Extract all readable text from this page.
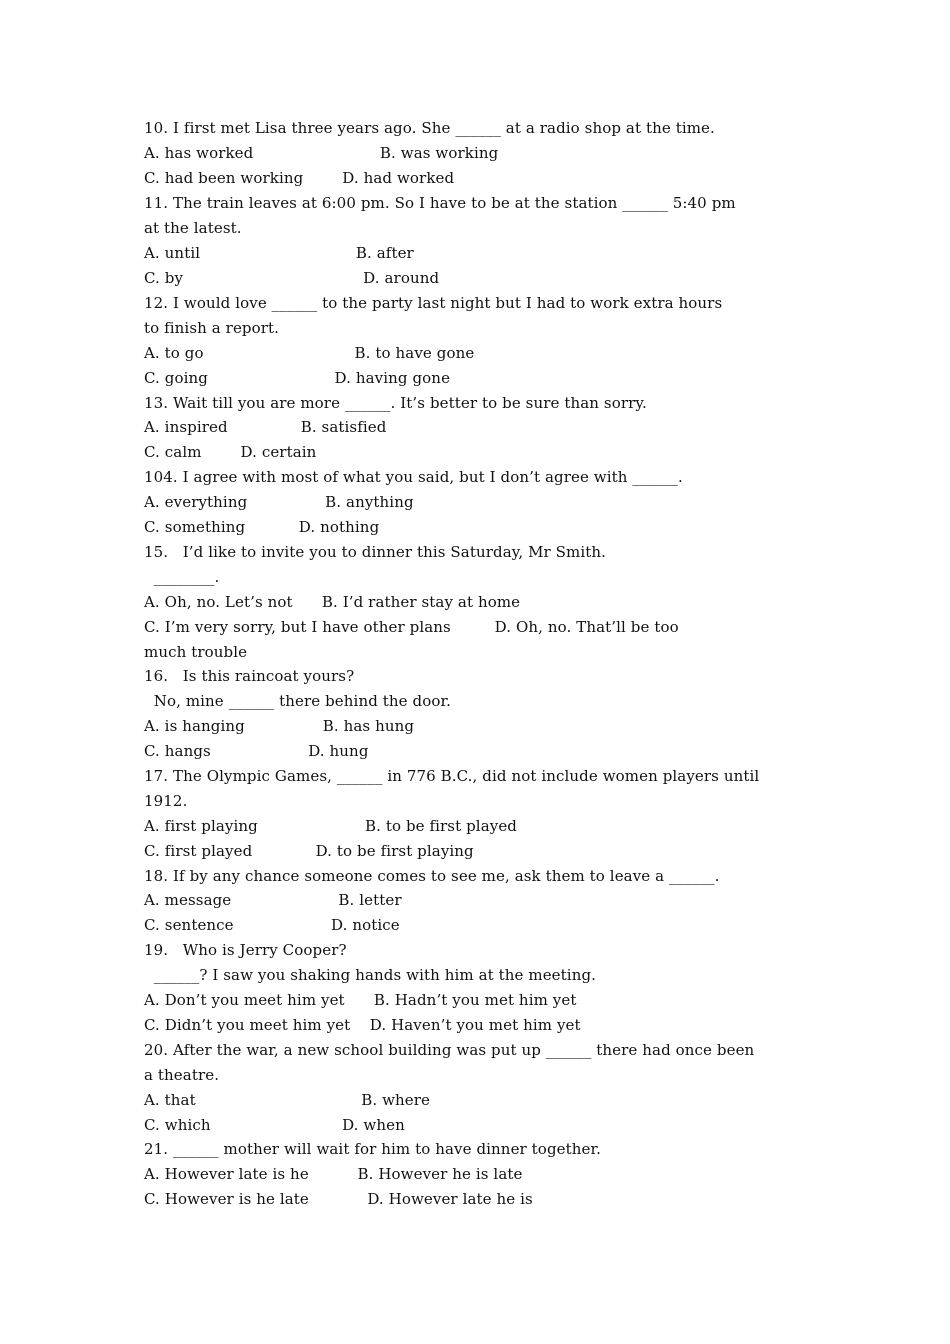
10. I first met Lisa three years ago. She ______ at a radio shop at the time.
A. has worked                          B. was working
C. had been working        D. had worked
11. The train leaves at 6:00 pm. So I have to be at the station ______ 5:40 pm
at the latest.
A. until                                B. after
C. by                                     D. around
12. I would love ______ to the party last night but I had to work extra hours
to finish a report.
A. to go                               B. to have gone
C. going                          D. having gone
13. Wait till you are more ______. It’s better to be sure than sorry.
A. inspired               B. satisfied
C. calm        D. certain
104. I agree with most of what you said, but I don’t agree with ______.
A. everything                B. anything
C. something           D. nothing
15.   I’d like to invite you to dinner this Saturday, Mr Smith.
________.
A. Oh, no. Let’s not      B. I’d rather stay at home
C. I’m very sorry, but I have other plans         D. Oh, no. That’ll be too
much trouble
16.   Is this raincoat yours?
No, mine ______ there behind the door.
A. is hanging                B. has hung
C. hangs                    D. hung
17. The Olympic Games, ______ in 776 B.C., did not include women players until
1912.
A. first playing                      B. to be first played
C. first played             D. to be first playing
18. If by any chance someone comes to see me, ask them to leave a ______.
A. message                      B. letter
C. sentence                    D. notice
19.   Who is Jerry Cooper?
______? I saw you shaking hands with him at the meeting.
A. Don’t you meet him yet      B. Hadn’t you met him yet
C. Didn’t you meet him yet    D. Haven’t you met him yet
20. After the war, a new school building was put up ______ there had once been
a theatre.
A. that                                  B. where
C. which                           D. when
21. ______ mother will wait for him to have dinner together.
A. However late is he          B. However he is late
C. However is he late            D. However late he is
